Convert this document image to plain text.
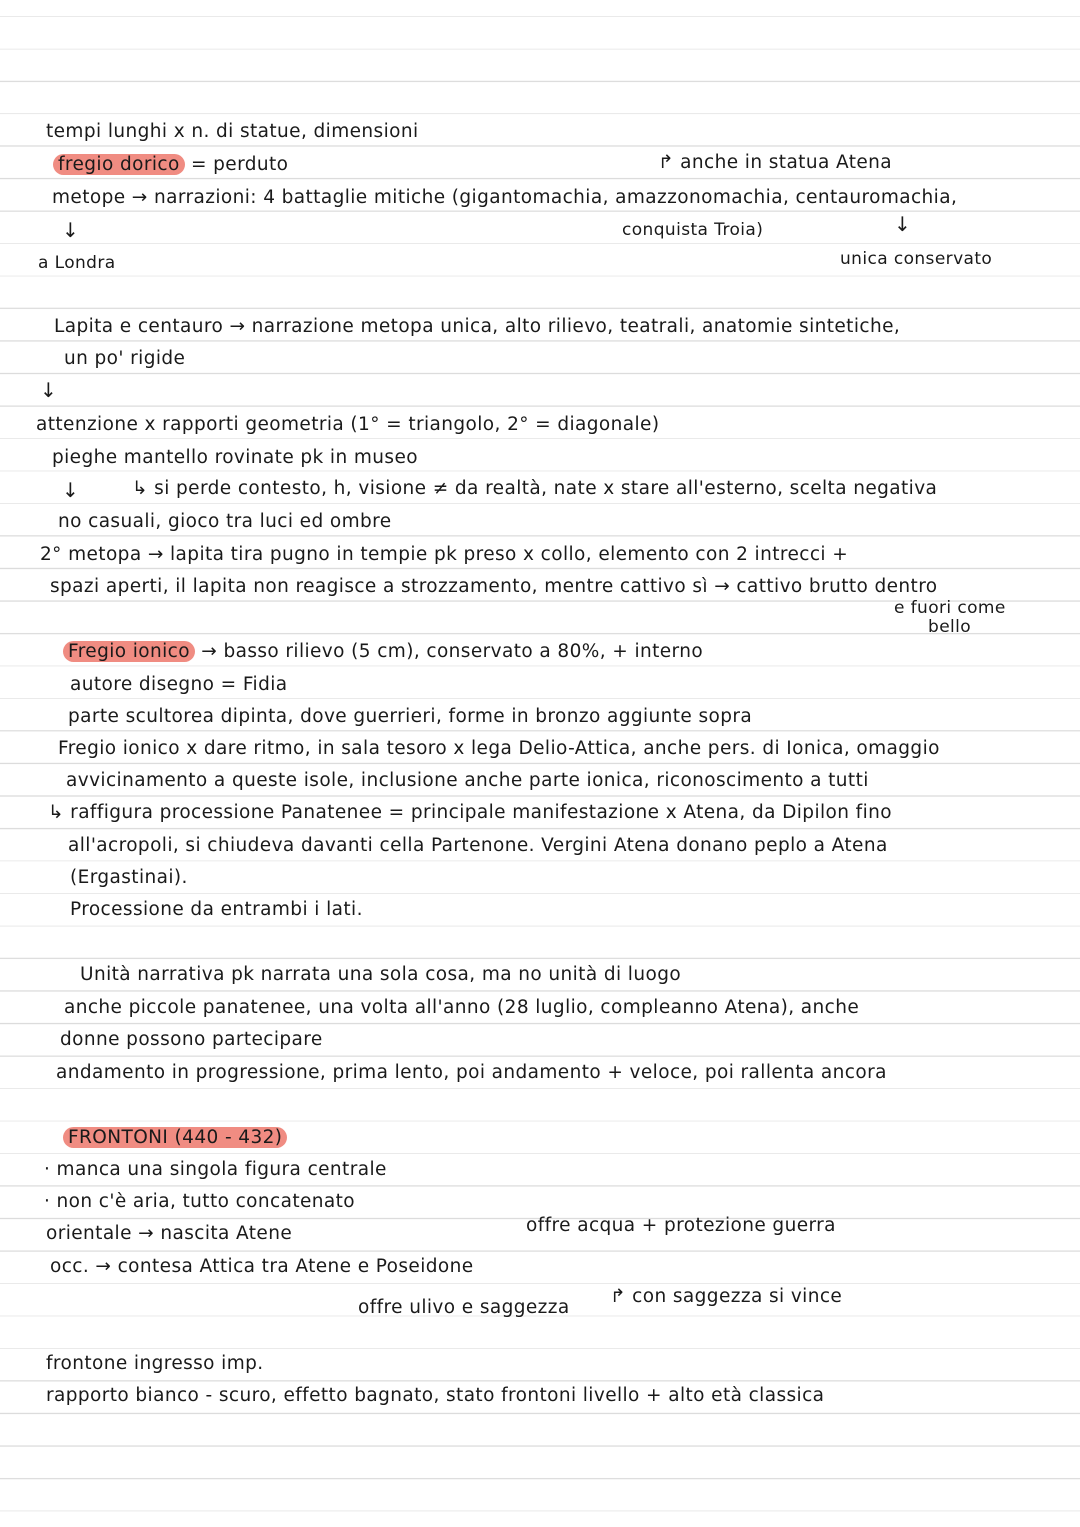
tempi lunghi x n. di statue, dimensioni
fregio dorico = perduto	↱ anche in statua Atena
metope → narrazioni: 4 battaglie mitiche (gigantomachia, amazzonomachia, centauromachia,
↓	conquista Troia)	↓
a Londra	unica conservato
Lapita e centauro → narrazione metopa unica, alto rilievo, teatrali, anatomie sintetiche,
un po' rigide
↓
attenzione x rapporti geometria (1° = triangolo, 2° = diagonale)
pieghe mantello rovinate pk in museo
↓	↳ si perde contesto, h, visione ≠ da realtà, nate x stare all'esterno, scelta negativa
no casuali, gioco tra luci ed ombre
2° metopa → lapita tira pugno in tempie pk preso x collo, elemento con 2 intrecci +
spazi aperti, il lapita non reagisce a strozzamento, mentre cattivo sì → cattivo brutto dentro
e fuori come
bello
Fregio ionico → basso rilievo (5 cm), conservato a 80%, + interno
autore disegno = Fidia
parte scultorea dipinta, dove guerrieri, forme in bronzo aggiunte sopra
Fregio ionico x dare ritmo, in sala tesoro x lega Delio-Attica, anche pers. di Ionica, omaggio
avvicinamento a queste isole, inclusione anche parte ionica, riconoscimento a tutti
↳ raffigura processione Panatenee = principale manifestazione x Atena, da Dipilon fino
all'acropoli, si chiudeva davanti cella Partenone. Vergini Atena donano peplo a Atena
(Ergastinai).
Processione da entrambi i lati.
Unità narrativa pk narrata una sola cosa, ma no unità di luogo
anche piccole panatenee, una volta all'anno (28 luglio, compleanno Atena), anche
donne possono partecipare
andamento in progressione, prima lento, poi andamento + veloce, poi rallenta ancora
FRONTONI (440 - 432)
· manca una singola figura centrale
· non c'è aria, tutto concatenato
orientale → nascita Atene	offre acqua + protezione guerra
occ. → contesa Attica tra Atene e Poseidone
↱ con saggezza si vince
offre ulivo e saggezza
frontone ingresso imp.
rapporto bianco - scuro, effetto bagnato, stato frontoni livello + alto età classica
